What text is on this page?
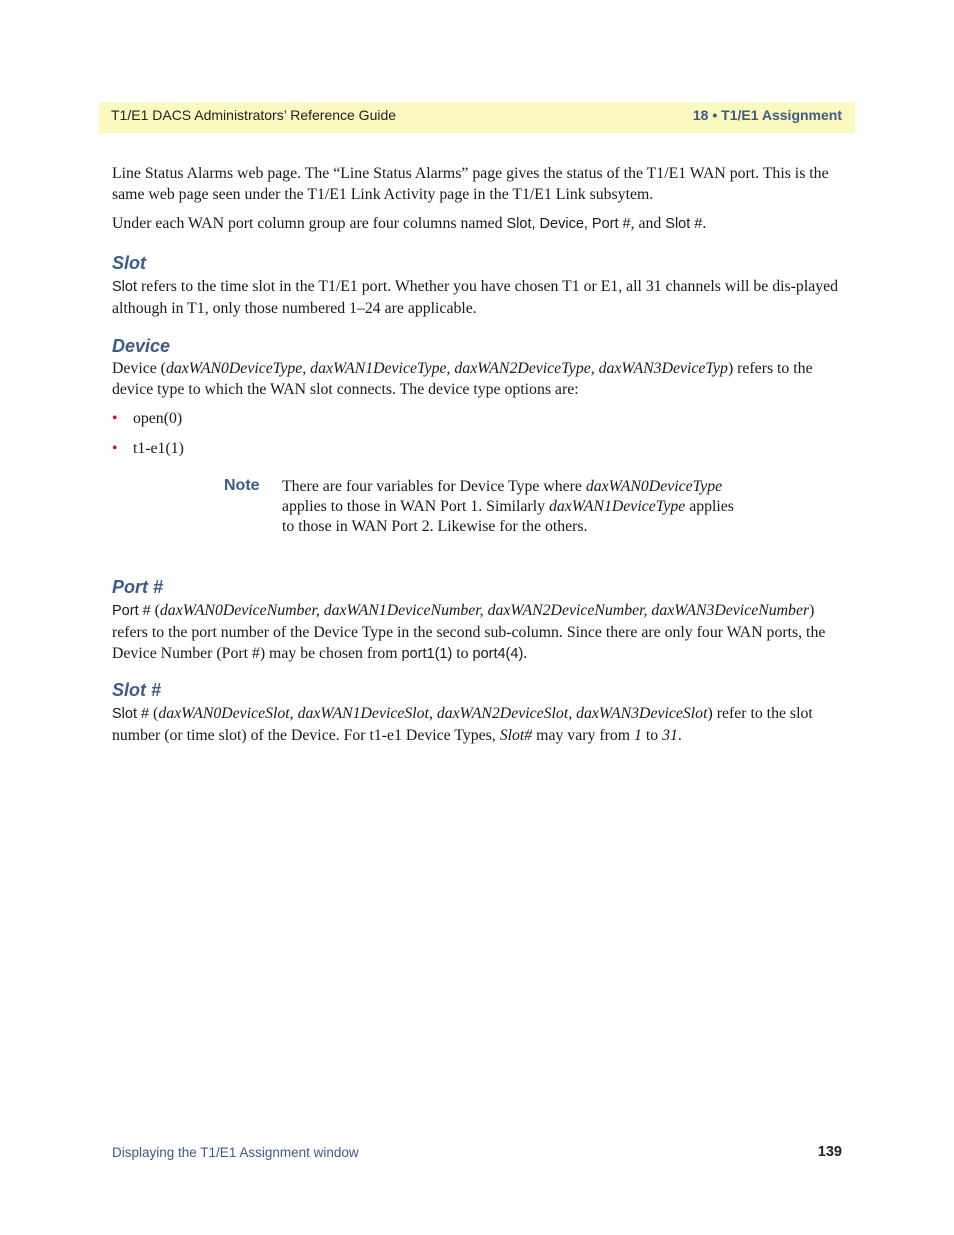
T1/E1 DACS Administrators’ Reference Guide	18 • T1/E1 Assignment

Line Status Alarms web page. The “Line Status Alarms” page gives the status of the T1/E1 WAN port. This is the same web page seen under the T1/E1 Link Activity page in the T1/E1 Link subsytem.

Under each WAN port column group are four columns named Slot, Device, Port #, and Slot #.

Slot

Slot refers to the time slot in the T1/E1 port. Whether you have chosen T1 or E1, all 31 channels will be dis-played although in T1, only those numbered 1–24 are applicable.

Device

Device (daxWAN0DeviceType, daxWAN1DeviceType, daxWAN2DeviceType, daxWAN3DeviceTyp) refers to the device type to which the WAN slot connects. The device type options are:

• open(0)
• t1-e1(1)
Note There are four variables for Device Type where daxWAN0DeviceType applies to those in WAN Port 1. Similarly daxWAN1DeviceType applies to those in WAN Port 2. Likewise for the others.

Port #

Port # (daxWAN0DeviceNumber, daxWAN1DeviceNumber, daxWAN2DeviceNumber, daxWAN3DeviceNumber) refers to the port number of the Device Type in the second sub-column. Since there are only four WAN ports, the Device Number (Port #) may be chosen from port1(1) to port4(4).

Slot #

Slot # (daxWAN0DeviceSlot, daxWAN1DeviceSlot, daxWAN2DeviceSlot, daxWAN3DeviceSlot) refer to the slot number (or time slot) of the Device. For t1-e1 Device Types, Slot# may vary from 1 to 31.

Displaying the T1/E1 Assignment window	139
